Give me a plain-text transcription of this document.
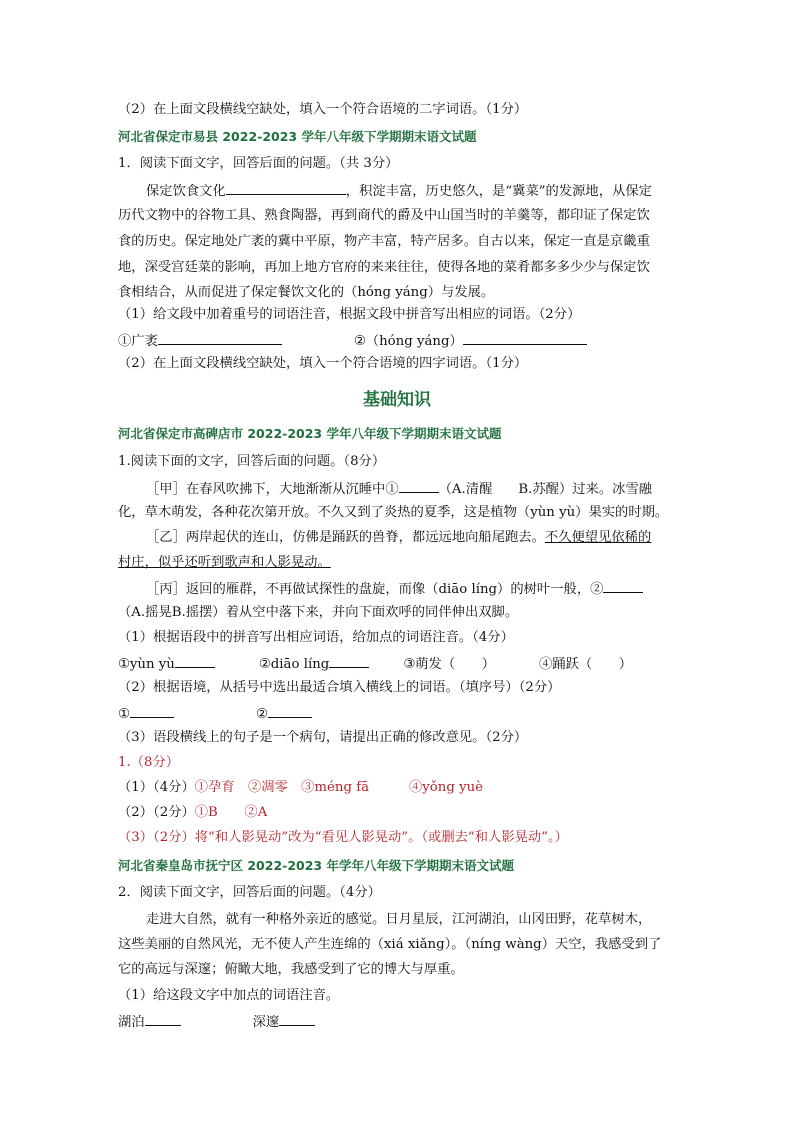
（2）在上面文段横线空缺处，填入一个符合语境的二字词语。（1分）
河北省保定市易县 2022-2023 学年八年级下学期期末语文试题
1．阅读下面文字，回答后面的问题。（共 3分）
保定饮食文化	，积淀丰富，历史悠久，是“冀菜”的发源地，从保定
历代文物中的谷物工具、熟食陶器，再到商代的爵及中山国当时的羊羹等，都印证了保定饮
食的历史。保定地处广袤的冀中平原，物产丰富，特产居多。自古以来，保定一直是京畿重
地，深受宫廷菜的影响，再加上地方官府的来来往往，使得各地的菜肴都多多少少与保定饮
食相结合，从而促进了保定餐饮文化的（hóng yáng）与发展。
（1）给文段中加着重号的词语注音，根据文段中拼音写出相应的词语。（2分）
①广袤	②（hóng yáng）
（2）在上面文段横线空缺处，填入一个符合语境的四字词语。（1分）
基础知识
河北省保定市高碑店市 2022-2023 学年八年级下学期期末语文试题
1.阅读下面的文字，回答后面的问题。（8分）
［甲］在春风吹拂下，大地渐渐从沉睡中①	（A.清醒 B.苏醒）过来。冰雪融
化，草木萌发，各种花次第开放。不久又到了炎热的夏季，这是植物（yùn yù）果实的时期。
［乙］两岸起伏的连山，仿佛是踊跃的兽脊，都远远地向船尾跑去。不久便望见依稀的
村庄，似乎还听到歌声和人影晃动。
［丙］返回的雁群，不再做试探性的盘旋，而像（diāo líng）的树叶一般，②
（A.摇晃B.摇摆）着从空中落下来，并向下面欢呼的同伴伸出双脚。
（1）根据语段中的拼音写出相应词语，给加点的词语注音。（4分）
①yùn yù	②diāo líng	③萌发（　　）	④踊跃（　　）
（2）根据语境，从括号中选出最适合填入横线上的词语。（填序号）（2分）
①	②
（3）语段横线上的句子是一个病句，请提出正确的修改意见。（2分）
1.（8分）
（1）（4分）①孕育　②凋零　③méng fā　　　④yǒng yuè
（2）（2分）①B　　②A
（3）（2分）将“和人影晃动”改为“看见人影晃动”。（或删去“和人影晃动”。）
河北省秦皇岛市抚宁区 2022-2023 年学年八年级下学期期末语文试题
2．阅读下面文字，回答后面的问题。（4分）
走进大自然，就有一种格外亲近的感觉。日月星辰，江河湖泊，山冈田野，花草树木，
这些美丽的自然风光，无不使人产生连绵的（xiá xiǎng）。（níng wàng）天空，我感受到了
它的高远与深邃；俯瞰大地，我感受到了它的博大与厚重。
（1）给这段文字中加点的词语注音。
湖泊	深邃
